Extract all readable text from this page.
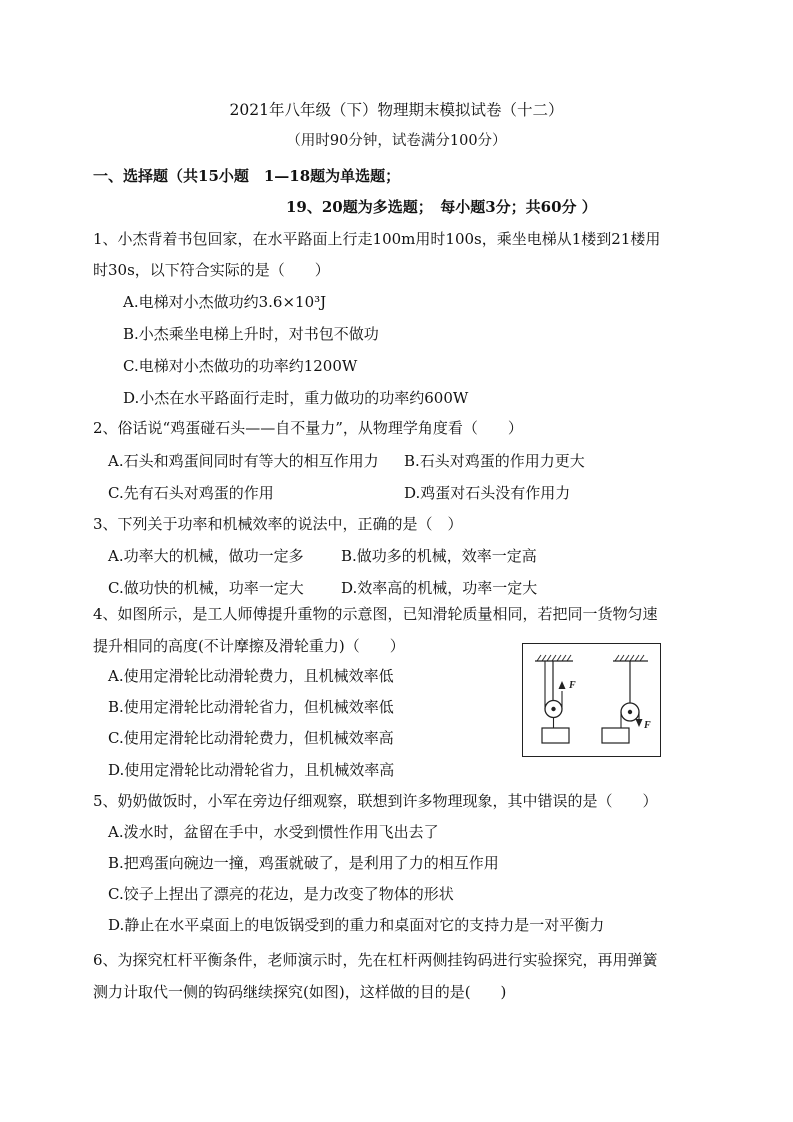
2021年八年级（下）物理期末模拟试卷（十二）
（用时90分钟，试卷满分100分）
一、选择题（共15小题　1—18题为单选题；
19、20题为多选题；　每小题3分；共60分 ）
1、小杰背着书包回家，在水平路面上行走100m用时100s，乘坐电梯从1楼到21楼用
时30s，以下符合实际的是（　　）
A.电梯对小杰做功约3.6×10³J
B.小杰乘坐电梯上升时，对书包不做功
C.电梯对小杰做功的功率约1200W
D.小杰在水平路面行走时，重力做功的功率约600W
2、俗话说“鸡蛋碰石头——自不量力”，从物理学角度看（　　）
A.石头和鸡蛋间同时有等大的相互作用力 B.石头对鸡蛋的作用力更大
C.先有石头对鸡蛋的作用	D.鸡蛋对石头没有作用力
3、下列关于功率和机械效率的说法中，正确的是（　）
A.功率大的机械，做功一定多 B.做功多的机械，效率一定高
C.做功快的机械，功率一定大 D.效率高的机械，功率一定大
4、如图所示，是工人师傅提升重物的示意图，已知滑轮质量相同，若把同一货物匀速
提升相同的高度(不计摩擦及滑轮重力)（　　）
A.使用定滑轮比动滑轮费力，且机械效率低
B.使用定滑轮比动滑轮省力，但机械效率低
C.使用定滑轮比动滑轮费力，但机械效率高
D.使用定滑轮比动滑轮省力，且机械效率高
F
F
5、奶奶做饭时，小军在旁边仔细观察，联想到许多物理现象，其中错误的是（　　）
A.泼水时，盆留在手中，水受到惯性作用飞出去了
B.把鸡蛋向碗边一撞，鸡蛋就破了，是利用了力的相互作用
C.饺子上捏出了漂亮的花边，是力改变了物体的形状
D.静止在水平桌面上的电饭锅受到的重力和桌面对它的支持力是一对平衡力
6、为探究杠杆平衡条件，老师演示时，先在杠杆两侧挂钩码进行实验探究，再用弹簧
测力计取代一侧的钩码继续探究(如图)，这样做的目的是(　　)
